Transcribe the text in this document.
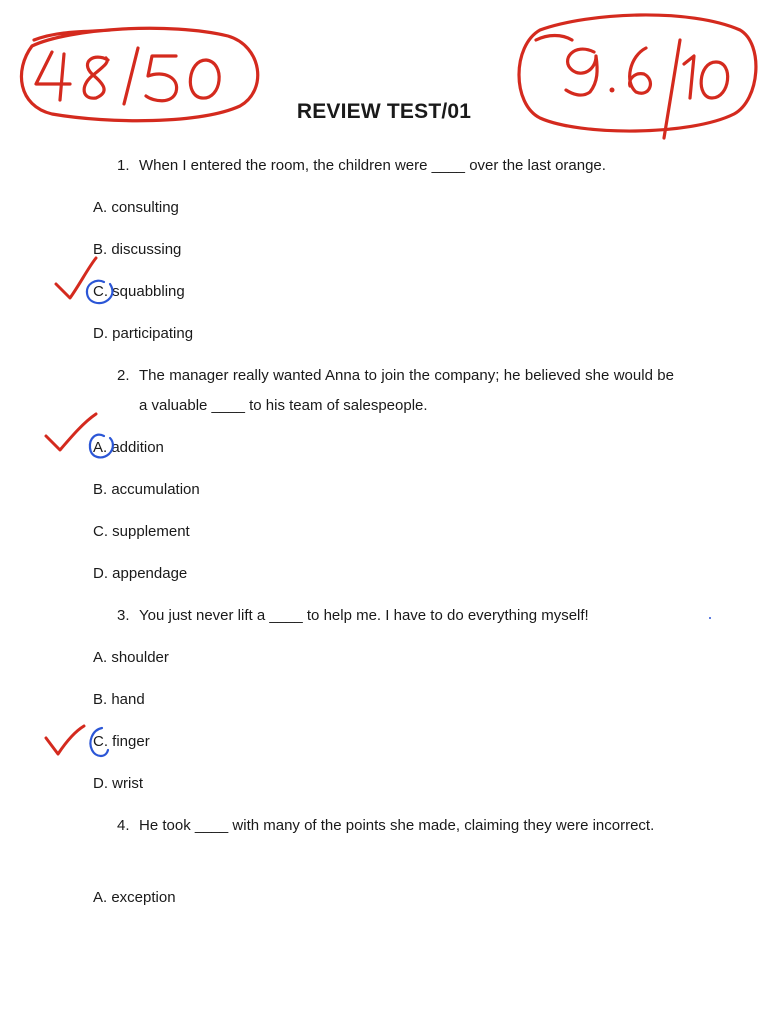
REVIEW TEST/01
1. When I entered the room, the children were ____ over the last orange.
A. consulting
B. discussing
C. squabbling
D. participating
2. The manager really wanted Anna to join the company; he believed she would be a valuable ____ to his team of salespeople.
A. addition
B. accumulation
C. supplement
D. appendage
3. You just never lift a ____ to help me. I have to do everything myself!
A. shoulder
B. hand
C. finger
D. wrist
4. He took ____ with many of the points she made, claiming they were incorrect.
A. exception
